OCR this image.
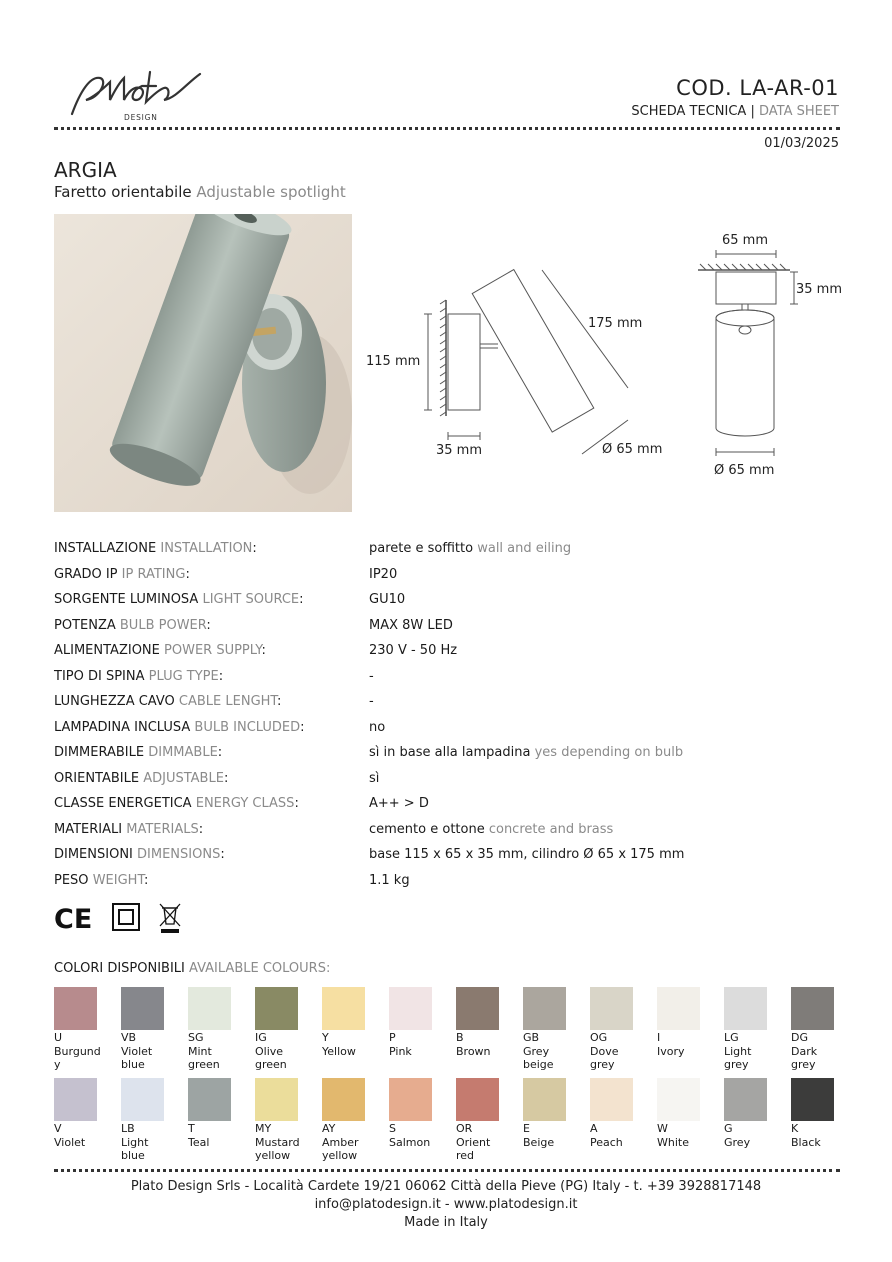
DESIGN
COD. LA-AR-01
SCHEDA TECNICA | DATA SHEET
01/03/2025
ARGIA
Faretto orientabile Adjustable spotlight
115 mm
35 mm
175 mm
Ø 65 mm
65 mm
35 mm
Ø 65 mm
INSTALLAZIONE INSTALLATION:	parete e soffitto wall and eiling
GRADO IP IP RATING:	IP20
SORGENTE LUMINOSA LIGHT SOURCE:	GU10
POTENZA BULB POWER:	MAX 8W LED
ALIMENTAZIONE POWER SUPPLY:	230 V - 50 Hz
TIPO DI SPINA PLUG TYPE:	-
LUNGHEZZA CAVO CABLE LENGHT:	-
LAMPADINA INCLUSA BULB INCLUDED:	no
DIMMERABILE DIMMABLE:	sì in base alla lampadina yes depending on bulb
ORIENTABILE ADJUSTABLE:	sì
CLASSE ENERGETICA ENERGY CLASS:	A++ > D
MATERIALI MATERIALS:	cemento e ottone concrete and brass
DIMENSIONI DIMENSIONS:	base 115 x 65 x 35 mm, cilindro Ø 65 x 175 mm
PESO WEIGHT:	1.1 kg
CE
COLORI DISPONIBILI AVAILABLE COLOURS:
U
Burgundy
VB
Violet blue
SG
Mint green
IG
Olive green
Y
Yellow
P
Pink
B
Brown
GB
Grey beige
OG
Dove grey
I
Ivory
LG
Light grey
DG
Dark grey
V
Violet
LB
Light blue
T
Teal
MY
Mustard yellow
AY
Amber yellow
S
Salmon
OR
Orient red
E
Beige
A
Peach
W
White
G
Grey
K
Black
Plato Design Srls - Località Cardete 19/21 06062 Città della Pieve (PG) Italy - t. +39 3928817148
info@platodesign.it - www.platodesign.it
Made in Italy
